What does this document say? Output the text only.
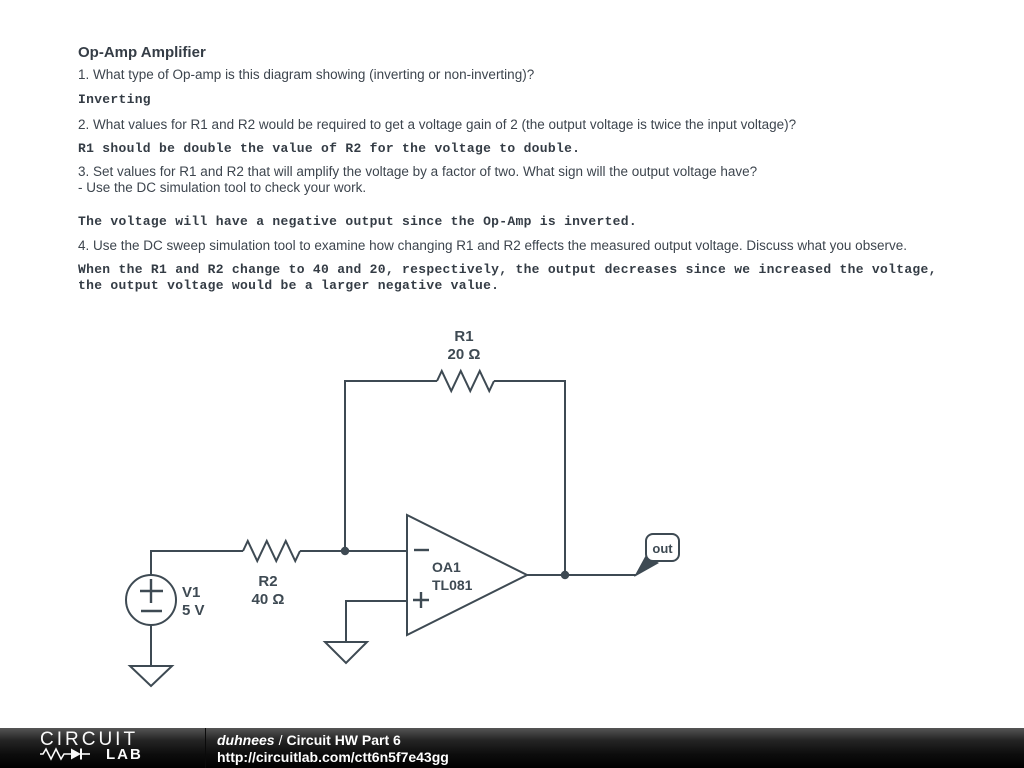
Op-Amp Amplifier

1. What type of Op-amp is this diagram showing (inverting or non-inverting)?

Inverting

2. What values for R1 and R2 would be required to get a voltage gain of 2 (the output voltage is twice the input voltage)?

R1 should be double the value of R2 for the voltage to double.

3. Set values for R1 and R2 that will amplify the voltage by a factor of two. What sign will the output voltage have?
- Use the DC simulation tool to check your work.

The voltage will have a negative output since the Op-Amp is inverted.

4. Use the DC sweep simulation tool to examine how changing R1 and R2 effects the measured output voltage. Discuss what you observe.

When the R1 and R2 change to 40 and 20, respectively, the output decreases since we increased the voltage,
the output voltage would be a larger negative value.

out
R1
20 Ω
R2
40 Ω
V1
5 V
OA1
TL081
CIRCUIT
LAB
duhnees / Circuit HW Part 6
http://circuitlab.com/ctt6n5f7e43gg
